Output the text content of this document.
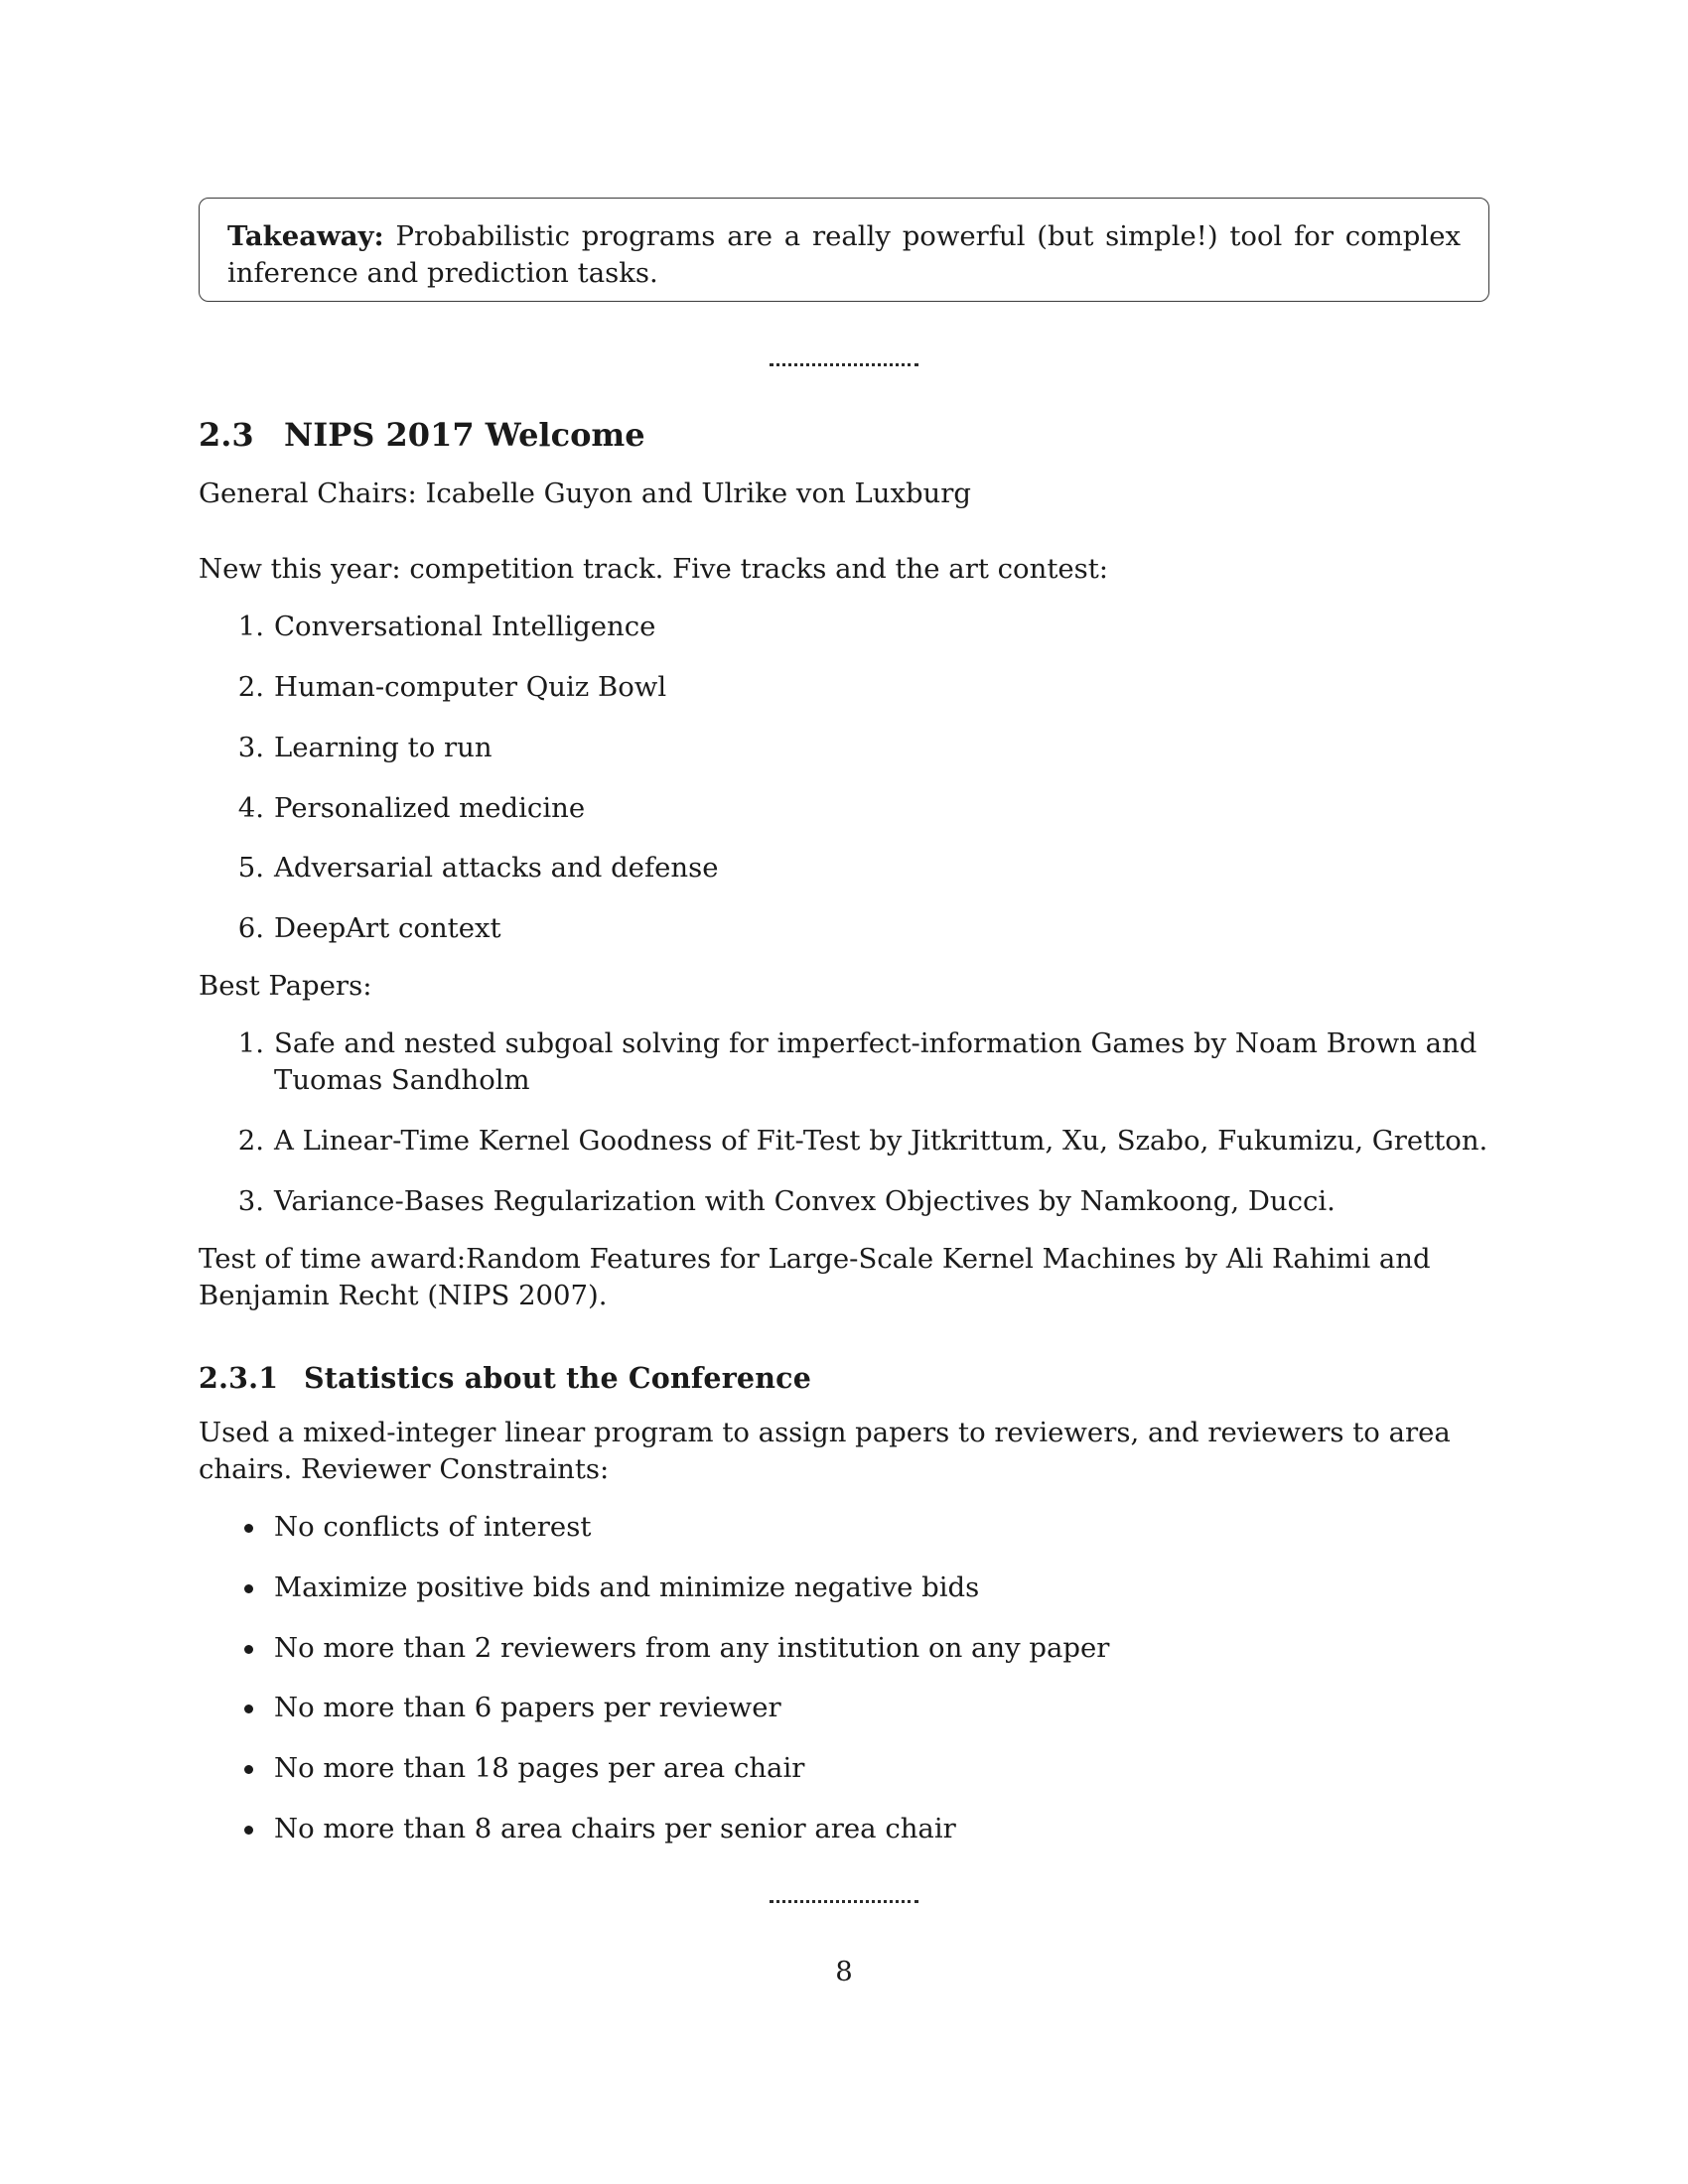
Takeaway: Probabilistic programs are a really powerful (but simple!) tool for complex inference and prediction tasks.
2.3 NIPS 2017 Welcome
General Chairs: Icabelle Guyon and Ulrike von Luxburg
New this year: competition track. Five tracks and the art contest:
1. Conversational Intelligence
2. Human-computer Quiz Bowl
3. Learning to run
4. Personalized medicine
5. Adversarial attacks and defense
6. DeepArt context
Best Papers:
1. Safe and nested subgoal solving for imperfect-information Games by Noam Brown and Tuomas Sandholm
2. A Linear-Time Kernel Goodness of Fit-Test by Jitkrittum, Xu, Szabo, Fukumizu, Gretton.
3. Variance-Bases Regularization with Convex Objectives by Namkoong, Ducci.
Test of time award:Random Features for Large-Scale Kernel Machines by Ali Rahimi and Benjamin Recht (NIPS 2007).
2.3.1 Statistics about the Conference
Used a mixed-integer linear program to assign papers to reviewers, and reviewers to area chairs. Reviewer Constraints:
No conflicts of interest
Maximize positive bids and minimize negative bids
No more than 2 reviewers from any institution on any paper
No more than 6 papers per reviewer
No more than 18 pages per area chair
No more than 8 area chairs per senior area chair
8
